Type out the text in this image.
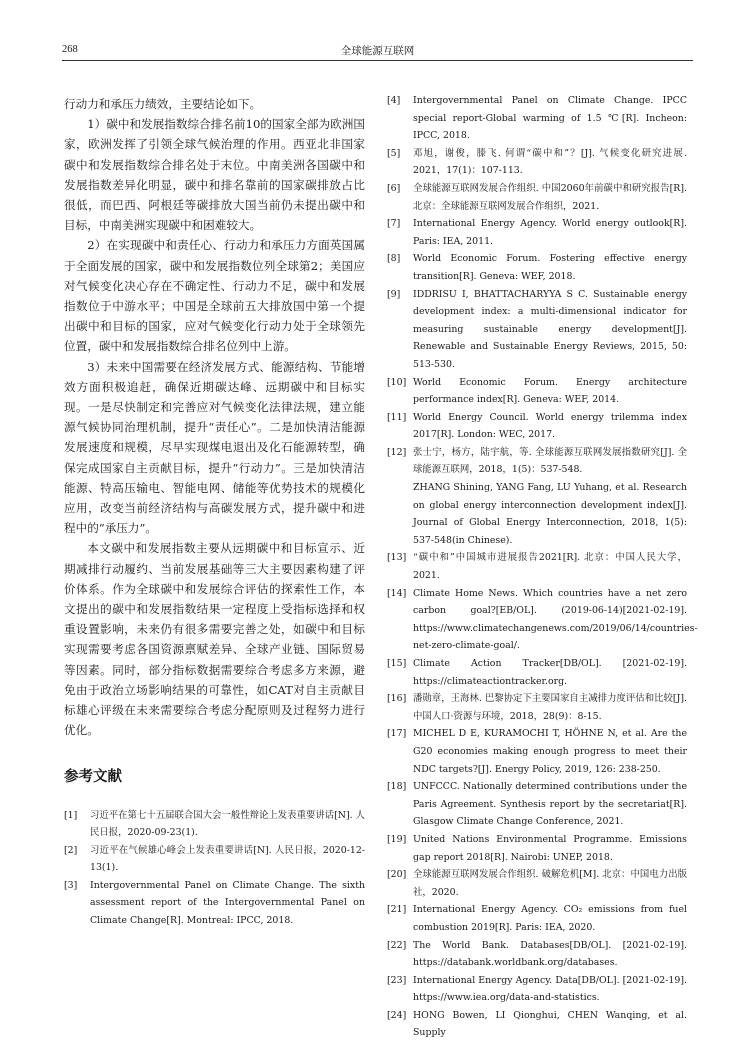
268	全球能源互联网

行动力和承压力绩效，主要结论如下。

1）碳中和发展指数综合排名前10的国家全部为欧洲国家，欧洲发挥了引领全球气候治理的作用。西亚北非国家碳中和发展指数综合排名处于末位。中南美洲各国碳中和发展指数差异化明显，碳中和排名靠前的国家碳排放占比很低，而巴西、阿根廷等碳排放大国当前仍未提出碳中和目标，中南美洲实现碳中和困难较大。

2）在实现碳中和责任心、行动力和承压力方面英国属于全面发展的国家，碳中和发展指数位列全球第2；美国应对气候变化决心存在不确定性、行动力不足，碳中和发展指数位于中游水平；中国是全球前五大排放国中第一个提出碳中和目标的国家，应对气候变化行动力处于全球领先位置，碳中和发展指数综合排名位列中上游。

3）未来中国需要在经济发展方式、能源结构、节能增效方面积极追赶，确保近期碳达峰、远期碳中和目标实现。一是尽快制定和完善应对气候变化法律法规，建立能源气候协同治理机制，提升“责任心”。二是加快清洁能源发展速度和规模，尽早实现煤电退出及化石能源转型，确保完成国家自主贡献目标，提升“行动力”。三是加快清洁能源、特高压输电、智能电网、储能等优势技术的规模化应用，改变当前经济结构与高碳发展方式，提升碳中和进程中的“承压力”。

本文碳中和发展指数主要从远期碳中和目标宣示、近期减排行动履约、当前发展基础等三大主要因素构建了评价体系。作为全球碳中和发展综合评估的探索性工作，本文提出的碳中和发展指数结果一定程度上受指标选择和权重设置影响，未来仍有很多需要完善之处，如碳中和目标实现需要考虑各国资源禀赋差异、全球产业链、国际贸易等因素。同时，部分指标数据需要综合考虑多方来源，避免由于政治立场影响结果的可靠性，如CAT对自主贡献目标雄心评级在未来需要综合考虑分配原则及过程努力进行优化。

参考文献

[1] 习近平在第七十五届联合国大会一般性辩论上发表重要讲话[N]. 人民日报，2020-09-23(1).

[2] 习近平在气候雄心峰会上发表重要讲话[N]. 人民日报，2020-12-13(1).

[3] Intergovernmental Panel on Climate Change. The sixth assessment report of the Intergovernmental Panel on Climate Change[R]. Montreal: IPCC, 2018.

[4] Intergovernmental Panel on Climate Change. IPCC special report-Global warming of 1.5 ℃[R]. Incheon: IPCC, 2018.

[5] 邓旭，谢俊，滕飞. 何谓“碳中和”？[J]. 气候变化研究进展. 2021，17(1)：107-113.

[6] 全球能源互联网发展合作组织. 中国2060年前碳中和研究报告[R]. 北京：全球能源互联网发展合作组织，2021.

[7] International Energy Agency. World energy outlook[R]. Paris: IEA, 2011.

[8] World Economic Forum. Fostering effective energy transition[R]. Geneva: WEF, 2018.

[9] IDDRISU I, BHATTACHARYYA S C. Sustainable energy development index: a multi-dimensional indicator for measuring sustainable energy development[J]. Renewable and Sustainable Energy Reviews, 2015, 50: 513-530.

[10] World Economic Forum. Energy architecture performance index[R]. Geneva: WEF, 2014.

[11] World Energy Council. World energy trilemma index 2017[R]. London: WEC, 2017.

[12] 张士宁，杨方，陆宇航，等. 全球能源互联网发展指数研究[J]. 全球能源互联网，2018，1(5)：537-548.
ZHANG Shining, YANG Fang, LU Yuhang, et al. Research on global energy interconnection development index[J]. Journal of Global Energy Interconnection, 2018, 1(5): 537-548(in Chinese).

[13] “碳中和”中国城市进展报告2021[R]. 北京：中国人民大学，2021.

[14] Climate Home News. Which countries have a net zero carbon goal?[EB/OL]. (2019-06-14)[2021-02-19]. https://www.climatechangenews.com/2019/06/14/countries-net-zero-climate-goal/.

[15] Climate Action Tracker[DB/OL]. [2021-02-19]. https://climateactiontracker.org.

[16] 潘勋章，王海林. 巴黎协定下主要国家自主减排力度评估和比较[J]. 中国人口·资源与环境，2018，28(9)：8-15.

[17] MICHEL D E, KURAMOCHI T, HÖHNE N, et al. Are the G20 economies making enough progress to meet their NDC targets?[J]. Energy Policy, 2019, 126: 238-250.

[18] UNFCCC. Nationally determined contributions under the Paris Agreement. Synthesis report by the secretariat[R]. Glasgow Climate Change Conference, 2021.

[19] United Nations Environmental Programme. Emissions gap report 2018[R]. Nairobi: UNEP, 2018.

[20] 全球能源互联网发展合作组织. 破解危机[M]. 北京：中国电力出版社，2020.

[21] International Energy Agency. CO₂ emissions from fuel combustion 2019[R]. Paris: IEA, 2020.

[22] The World Bank. Databases[DB/OL]. [2021-02-19]. https://databank.worldbank.org/databases.

[23] International Energy Agency. Data[DB/OL]. [2021-02-19]. https://www.iea.org/data-and-statistics.

[24] HONG Bowen, LI Qionghui, CHEN Wanqing, et al. Supply
